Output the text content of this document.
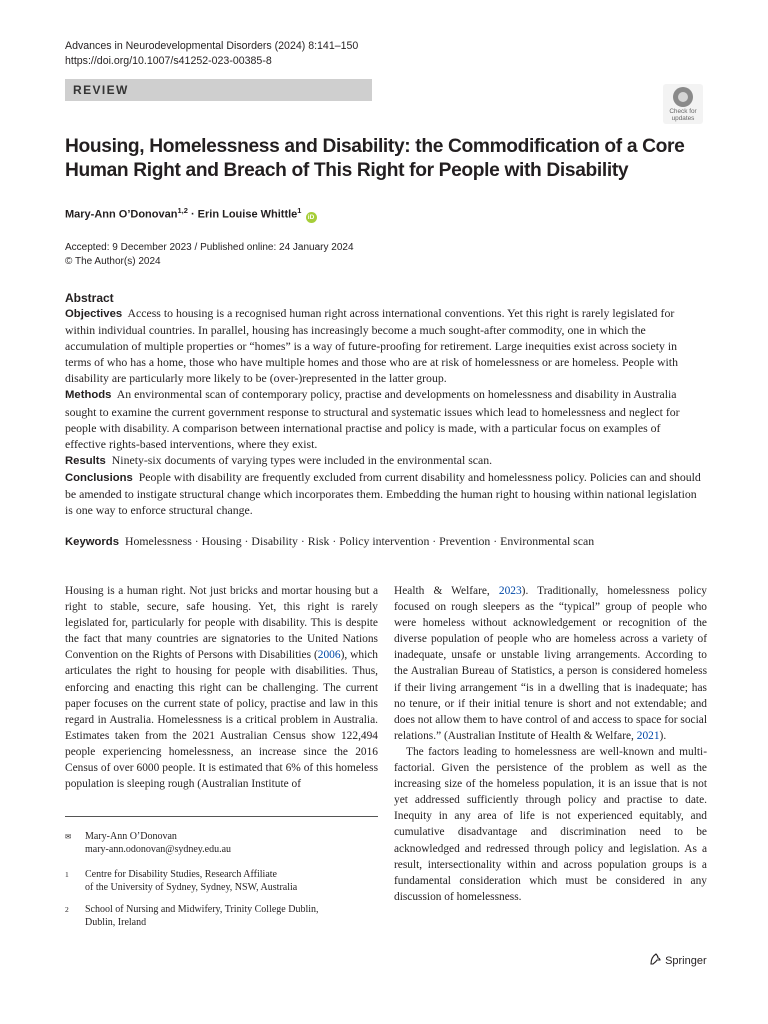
Advances in Neurodevelopmental Disorders (2024) 8:141–150
https://doi.org/10.1007/s41252-023-00385-8
REVIEW
Check for
updates
Housing, Homelessness and Disability: the Commodification of a Core Human Right and Breach of This Right for People with Disability
Mary-Ann O’Donovan$^{1,2}$ · Erin Louise Whittle$^1$ iD
Accepted: 9 December 2023 / Published online: 24 January 2024
© The Author(s) 2024
Abstract

Objectives Access to housing is a recognised human right across international conventions. Yet this right is rarely legislated for within individual countries. In parallel, housing has increasingly become a much sought-after commodity, one in which the accumulation of multiple properties or “homes” is a way of future-proofing for retirement. Large inequities exist across society in terms of who has a home, those who have multiple homes and those who are at risk of homelessness or are homeless. People with disability are particularly more likely to be (over-)represented in the latter group.

Methods An environmental scan of contemporary policy, practise and developments on homelessness and disability in Australia sought to examine the current government response to structural and systematic issues which lead to homelessness and neglect for people with disability. A comparison between international practise and policy is made, with a particular focus on examples of effective rights-based interventions, where they exist.

Results Ninety-six documents of varying types were included in the environmental scan.

Conclusions People with disability are frequently excluded from current disability and homelessness policy. Policies can and should be amended to instigate structural change which incorporates them. Embedding the human right to housing within national legislation is one way to enforce structural change.

Keywords Homelessness · Housing · Disability · Risk · Policy intervention · Prevention · Environmental scan

Housing is a human right. Not just bricks and mortar housing but a right to stable, secure, safe housing. Yet, this right is rarely legislated for, particularly for people with disability. This is despite the fact that many countries are signatories to the United Nations Convention on the Rights of Persons with Disabilities (2006), which articulates the right to housing for people with disabilities. Thus, enforcing and enacting this right can be challenging. The current paper focuses on the current state of policy, practise and law in this regard in Australia. Homelessness is a critical problem in Australia. Estimates taken from the 2021 Australian Census show 122,494 people experiencing homelessness, an increase since the 2016 Census of over 6000 people. It is estimated that 6% of this homeless population is sleeping rough (Australian Institute of

Health & Welfare, 2023). Traditionally, homelessness policy focused on rough sleepers as the “typical” group of people who were homeless without acknowledgement or recognition of the diverse population of people who are homeless across a variety of inadequate, unsafe or unstable living arrangements. According to the Australian Bureau of Statistics, a person is considered homeless if their living arrangement “is in a dwelling that is inadequate; has no tenure, or if their initial tenure is short and not extendable; and does not allow them to have control of and access to space for social relations.” (Australian Institute of Health & Welfare, 2021).

The factors leading to homelessness are well-known and multi-factorial. Given the persistence of the problem as well as the increasing size of the homeless population, it is an issue that is not yet addressed sufficiently through policy and practise to date. Inequity in any area of life is not experienced equitably, and cumulative disadvantage and discrimination need to be acknowledged and redressed through policy and legislation. As a result, intersectionality within and across population groups is a fundamental consideration which must be considered in any discussion of homelessness.

✉ Mary-Ann O’Donovan
mary-ann.odonovan@sydney.edu.au
1 Centre for Disability Studies, Research Affiliate
of the University of Sydney, Sydney, NSW, Australia
2 School of Nursing and Midwifery, Trinity College Dublin,
Dublin, Ireland
Springer
